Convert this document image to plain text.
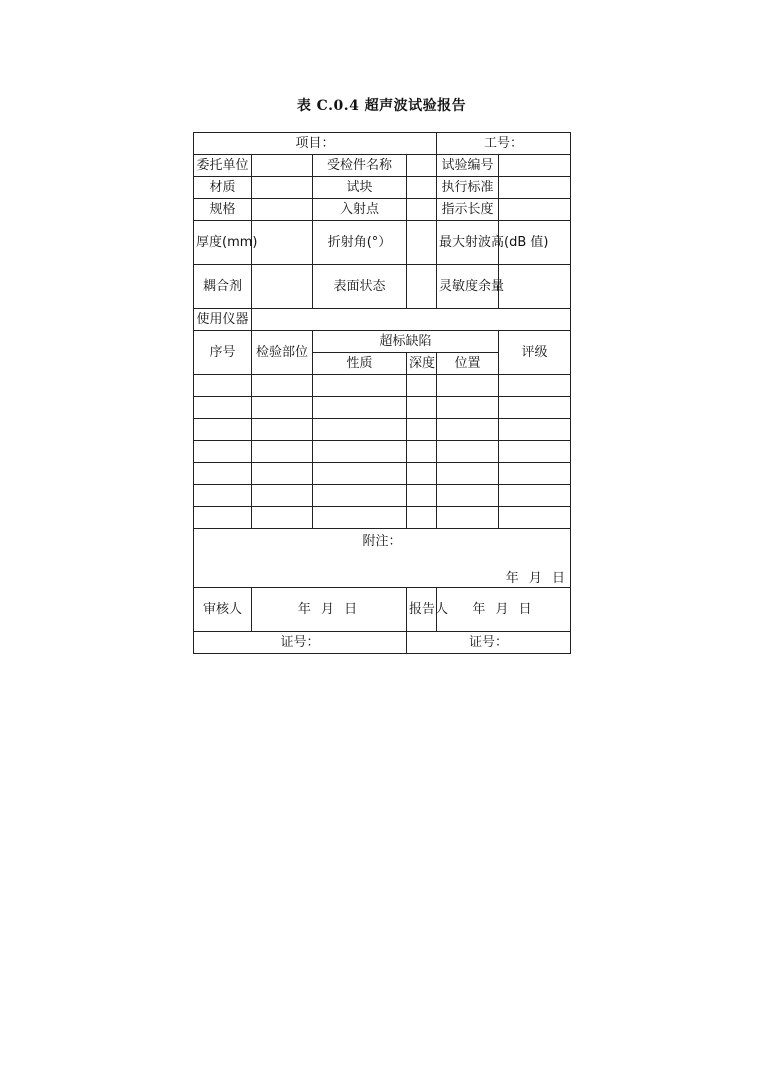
表 C.0.4 超声波试验报告
项目：				工号：	
委托单位		受检件名称		试验编号	
材质		试块		执行标准	
规格		入射点		指示长度	
厚度(mm)		折射角(°）		最大射波高(dB 值)	
耦合剂		表面状态		灵敏度余量	
使用仪器					
序号	检验部位	超标缺陷			评级
		性质	深度	位置	

附注：
年 月 日					

审核人	年 月 日		报告人	年 月 日	
证号：			证号：		
